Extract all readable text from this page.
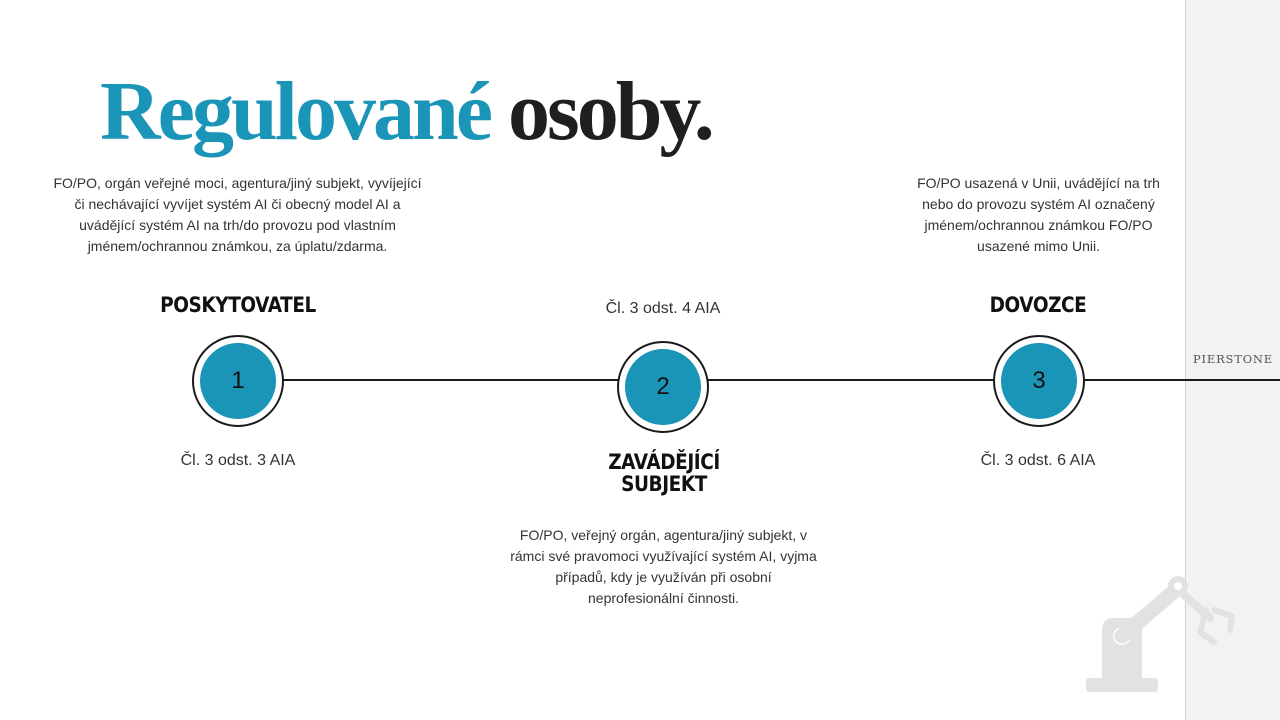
PIERSTONE
Regulované osoby.

FO/PO, orgán veřejné moci, agentura/jiný subjekt, vyvíjející či nechávající vyvíjet systém AI či obecný model AI a uvádějící systém AI na trh/do provozu pod vlastním jménem/ochrannou známkou, za úplatu/zdarma.

POSKYTOVATEL

1

Čl. 3 odst. 3 AIA

Čl. 3 odst. 4 AIA

2

ZAVÁDĚJÍCÍ SUBJEKT

FO/PO, veřejný orgán, agentura/jiný subjekt, v rámci své pravomoci využívající systém AI, vyjma případů, kdy je využíván při osobní neprofesionální činnosti.

FO/PO usazená v Unii, uvádějící na trh nebo do provozu systém AI označený jménem/ochrannou známkou FO/PO usazené mimo Unii.

DOVOZCE

3

Čl. 3 odst. 6 AIA
